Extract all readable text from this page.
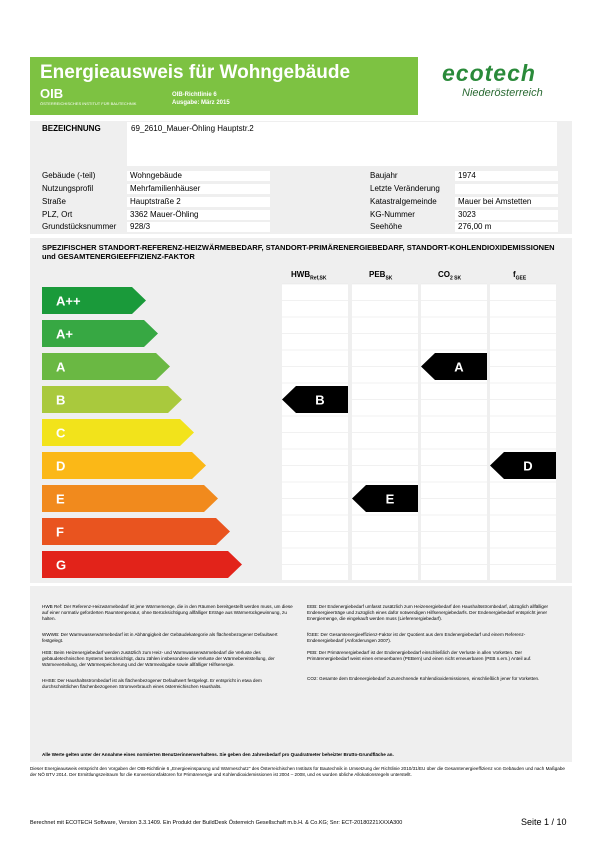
Energieausweis für Wohngebäude
OIB
ÖSTERREICHISCHES INSTITUT FÜR BAUTECHNIK
OIB-Richtlinie 6
Ausgabe: März 2015
ecotech
Niederösterreich
BEZEICHNUNG	69_2610_Mauer-Öhling Hauptstr.2
Gebäude (-teil)	Wohngebäude
Nutzungsprofil	Mehrfamilienhäuser
Straße	Hauptstraße 2
PLZ, Ort	3362 Mauer-Öhling
Grundstücksnummer	928/3
Baujahr	1974
Letzte Veränderung
Katastralgemeinde	Mauer bei Amstetten
KG-Nummer	3023
Seehöhe	276,00 m
SPEZIFISCHER STANDORT-REFERENZ-HEIZWÄRMEBEDARF, STANDORT-PRIMÄRENERGIEBEDARF, STANDORT-KOHLENDIOXIDEMISSIONEN und GESAMTENERGIEEFFIZIENZ-FAKTOR
$HWB_{Ref,SK}$	$PEB_{SK}$	$CO_{2 SK}$	$f_{GEE}$
A++
A+
A
B
C
D
E
F
G
B
E
A
D
HWB Ref: Der Referenz-Heizwärmebedarf ist jene Wärmemenge, die in den Räumen bereitgestellt werden muss, um diese auf einer normativ geforderten Raumtemperatur, ohne Berücksichtigung allfälliger Erträge aus Wärmerückgewinnung, zu halten.
WWWB: Der Warmwasserwärmebedarf ist in Abhängigkeit der Gebäudekategorie als flächenbezogener Defaultwert festgelegt.
HEB: Beim Heizenergiebedarf werden zusätzlich zum Heiz- und Warmwasserwärmebedarf die Verluste des gebäudetechnischen Systems berücksichtigt, dazu zählen insbesondere die Verluste der Wärmebereitstellung, der Wärmeverteilung, der Wärmespeicherung und der Wärmeabgabe sowie allfälliger Hilfsenergie.
HHSB: Der Haushaltsstrombedarf ist als flächenbezogener Defaultwert festgelegt. Er entspricht in etwa dem durchschnittlichen flächenbezogenen Stromverbrauch eines österreichischen Haushalts.
EEB: Der Endenergiebedarf umfasst zusätzlich zum Heizenergiebedarf den Haushaltsstrombedarf, abzüglich allfälliger Endenergieerträge und zuzüglich eines dafür notwendigen Hilfsenergiebedarfs. Der Endenergiebedarf entspricht jener Energiemenge, die eingekauft werden muss (Lieferenergiebedarf).
fGEE: Der Gesamtenergieeffizienz-Faktor ist der Quotient aus dem Endenergiebedarf und einem Referenz-Endenergiebedarf (Anforderungen 2007).
PEB: Der Primärenergiebedarf ist der Endenergiebedarf einschließlich der Verluste in allen Vorketten. Der Primärenergiebedarf weist einen erneuerbaren (PEBern) und einen nicht erneuerbaren (PEB n.ern.) Anteil auf.
CO2: Gesamte dem Endenergiebedarf zuzurechnende Kohlendioxidemissionen, einschließlich jener für Vorketten.
Alle Werte gelten unter der Annahme eines normierten Benutzerinnenverhaltens. Sie geben den Jahresbedarf pro Quadratmeter beheizter Brutto-Grundfläche an.
Dieser Energieausweis entspricht den Vorgaben der OIB-Richtlinie 6 „Energieeinsparung und Wärmeschutz" des Österreichischen Instituts für Bautechnik in Umsetzung der Richtlinie 2010/31/EU über die Gesamtenergieeffizienz von Gebäuden und nach Maßgabe der NÖ BTV 2014. Der Ermittlungszeitraum für die Konversionsfaktoren für Primärenergie und Kohlendioxidemissionen ist 2004 – 2008, und es wurden übliche Allokationsregeln unterstellt.
Berechnet mit ECOTECH Software, Version 3.3.1409. Ein Produkt der BuildDesk Österreich Gesellschaft m.b.H. & Co.KG; Snr: ECT-20180221XXXA300	Seite 1 / 10
